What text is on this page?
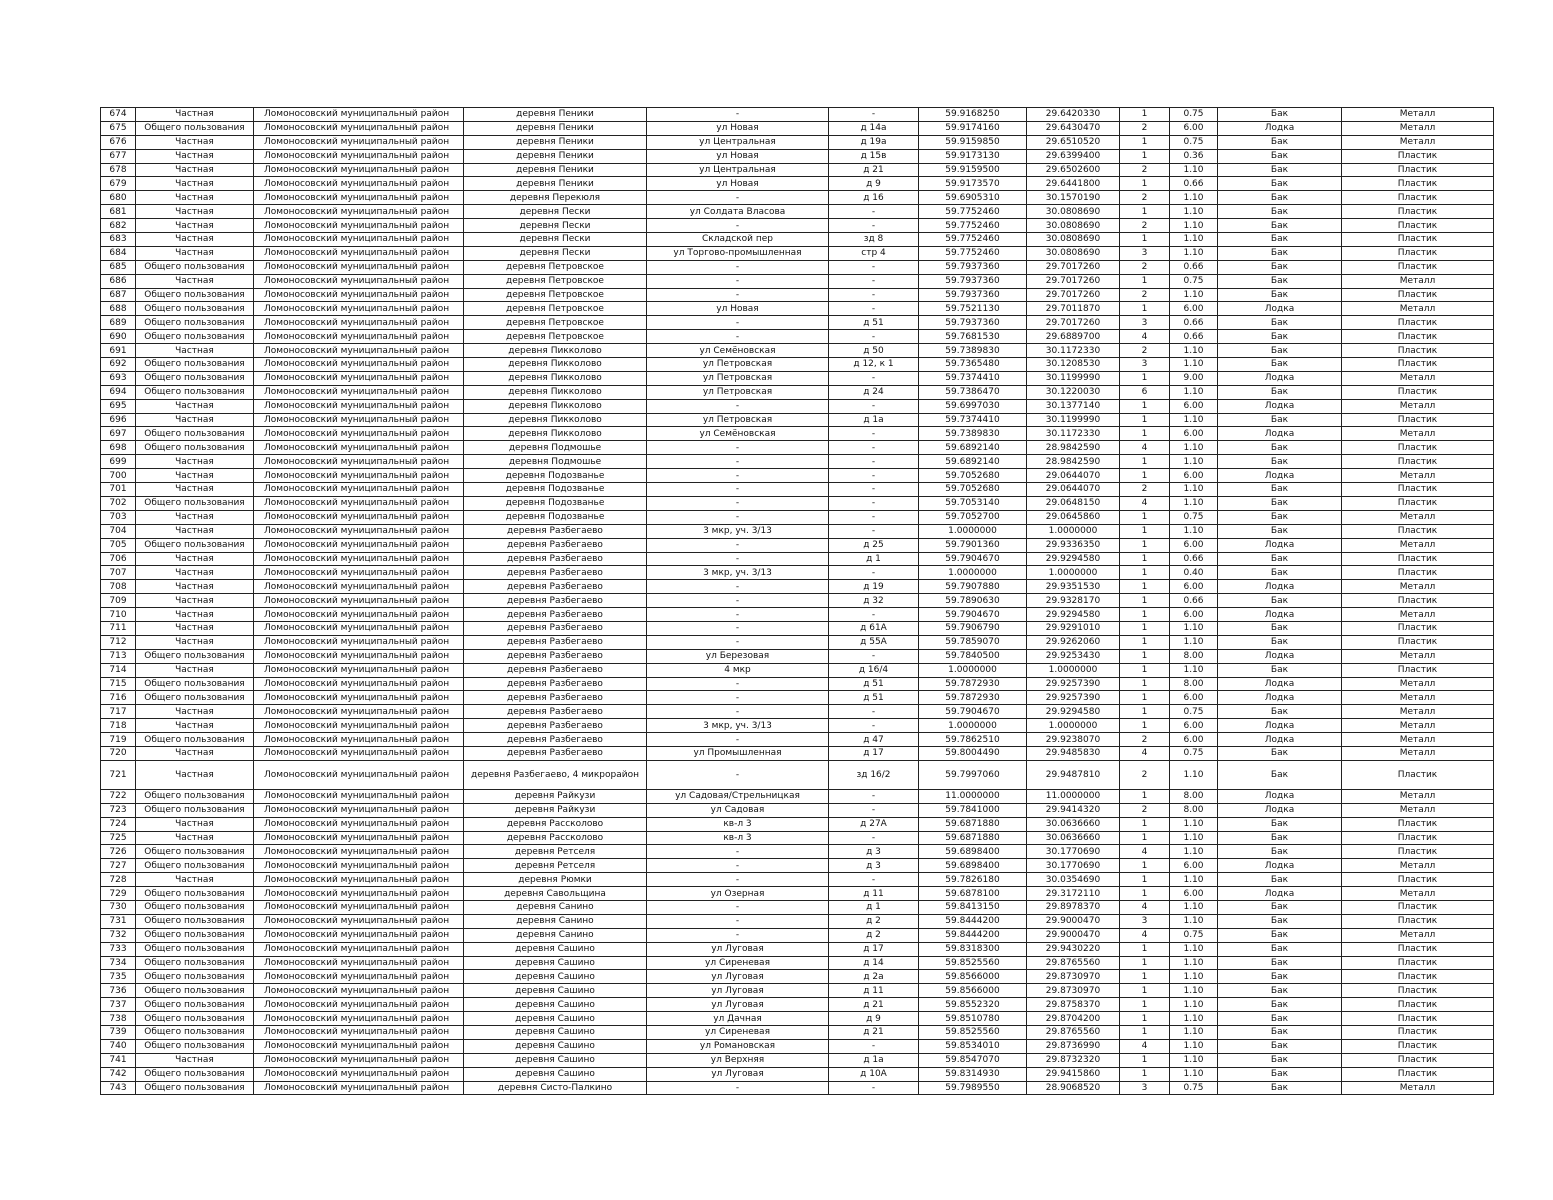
674	Частная	Ломоносовский муниципальный район	деревня Пеники	-	-	59.9168250	29.6420330	1	0.75	Бак	Металл
675	Общего пользования	Ломоносовский муниципальный район	деревня Пеники	ул Новая	д 14а	59.9174160	29.6430470	2	6.00	Лодка	Металл
676	Частная	Ломоносовский муниципальный район	деревня Пеники	ул Центральная	д 19а	59.9159850	29.6510520	1	0.75	Бак	Металл
677	Частная	Ломоносовский муниципальный район	деревня Пеники	ул Новая	д 15в	59.9173130	29.6399400	1	0.36	Бак	Пластик
678	Частная	Ломоносовский муниципальный район	деревня Пеники	ул Центральная	д 21	59.9159500	29.6502600	2	1.10	Бак	Пластик
679	Частная	Ломоносовский муниципальный район	деревня Пеники	ул Новая	д 9	59.9173570	29.6441800	1	0.66	Бак	Пластик
680	Частная	Ломоносовский муниципальный район	деревня Перекюля	-	д 16	59.6905310	30.1570190	2	1.10	Бак	Пластик
681	Частная	Ломоносовский муниципальный район	деревня Пески	ул Солдата Власова	-	59.7752460	30.0808690	1	1.10	Бак	Пластик
682	Частная	Ломоносовский муниципальный район	деревня Пески	-	-	59.7752460	30.0808690	2	1.10	Бак	Пластик
683	Частная	Ломоносовский муниципальный район	деревня Пески	Складской пер	зд 8	59.7752460	30.0808690	1	1.10	Бак	Пластик
684	Частная	Ломоносовский муниципальный район	деревня Пески	ул Торгово-промышленная	стр 4	59.7752460	30.0808690	3	1.10	Бак	Пластик
685	Общего пользования	Ломоносовский муниципальный район	деревня Петровское	-	-	59.7937360	29.7017260	2	0.66	Бак	Пластик
686	Частная	Ломоносовский муниципальный район	деревня Петровское	-	-	59.7937360	29.7017260	1	0.75	Бак	Металл
687	Общего пользования	Ломоносовский муниципальный район	деревня Петровское	-	-	59.7937360	29.7017260	2	1.10	Бак	Пластик
688	Общего пользования	Ломоносовский муниципальный район	деревня Петровское	ул Новая	-	59.7521130	29.7011870	1	6.00	Лодка	Металл
689	Общего пользования	Ломоносовский муниципальный район	деревня Петровское	-	д 51	59.7937360	29.7017260	3	0.66	Бак	Пластик
690	Общего пользования	Ломоносовский муниципальный район	деревня Петровское	-	-	59.7681530	29.6889700	4	0.66	Бак	Пластик
691	Частная	Ломоносовский муниципальный район	деревня Пикколово	ул Семёновская	д 50	59.7389830	30.1172330	2	1.10	Бак	Пластик
692	Общего пользования	Ломоносовский муниципальный район	деревня Пикколово	ул Петровская	д 12, к 1	59.7365480	30.1208530	3	1.10	Бак	Пластик
693	Общего пользования	Ломоносовский муниципальный район	деревня Пикколово	ул Петровская	-	59.7374410	30.1199990	1	9.00	Лодка	Металл
694	Общего пользования	Ломоносовский муниципальный район	деревня Пикколово	ул Петровская	д 24	59.7386470	30.1220030	6	1.10	Бак	Пластик
695	Частная	Ломоносовский муниципальный район	деревня Пикколово	-	-	59.6997030	30.1377140	1	6.00	Лодка	Металл
696	Частная	Ломоносовский муниципальный район	деревня Пикколово	ул Петровская	д 1а	59.7374410	30.1199990	1	1.10	Бак	Пластик
697	Общего пользования	Ломоносовский муниципальный район	деревня Пикколово	ул Семёновская	-	59.7389830	30.1172330	1	6.00	Лодка	Металл
698	Общего пользования	Ломоносовский муниципальный район	деревня Подмошье	-	-	59.6892140	28.9842590	4	1.10	Бак	Пластик
699	Частная	Ломоносовский муниципальный район	деревня Подмошье	-	-	59.6892140	28.9842590	1	1.10	Бак	Пластик
700	Частная	Ломоносовский муниципальный район	деревня Подозванье	-	-	59.7052680	29.0644070	1	6.00	Лодка	Металл
701	Частная	Ломоносовский муниципальный район	деревня Подозванье	-	-	59.7052680	29.0644070	2	1.10	Бак	Пластик
702	Общего пользования	Ломоносовский муниципальный район	деревня Подозванье	-	-	59.7053140	29.0648150	4	1.10	Бак	Пластик
703	Частная	Ломоносовский муниципальный район	деревня Подозванье	-	-	59.7052700	29.0645860	1	0.75	Бак	Металл
704	Частная	Ломоносовский муниципальный район	деревня Разбегаево	3 мкр, уч. 3/13	-	1.0000000	1.0000000	1	1.10	Бак	Пластик
705	Общего пользования	Ломоносовский муниципальный район	деревня Разбегаево	-	д 25	59.7901360	29.9336350	1	6.00	Лодка	Металл
706	Частная	Ломоносовский муниципальный район	деревня Разбегаево	-	д 1	59.7904670	29.9294580	1	0.66	Бак	Пластик
707	Частная	Ломоносовский муниципальный район	деревня Разбегаево	3 мкр, уч. 3/13	-	1.0000000	1.0000000	1	0.40	Бак	Пластик
708	Частная	Ломоносовский муниципальный район	деревня Разбегаево	-	д 19	59.7907880	29.9351530	1	6.00	Лодка	Металл
709	Частная	Ломоносовский муниципальный район	деревня Разбегаево	-	д 32	59.7890630	29.9328170	1	0.66	Бак	Пластик
710	Частная	Ломоносовский муниципальный район	деревня Разбегаево	-	-	59.7904670	29.9294580	1	6.00	Лодка	Металл
711	Частная	Ломоносовский муниципальный район	деревня Разбегаево	-	д 61А	59.7906790	29.9291010	1	1.10	Бак	Пластик
712	Частная	Ломоносовский муниципальный район	деревня Разбегаево	-	д 55А	59.7859070	29.9262060	1	1.10	Бак	Пластик
713	Общего пользования	Ломоносовский муниципальный район	деревня Разбегаево	ул Березовая	-	59.7840500	29.9253430	1	8.00	Лодка	Металл
714	Частная	Ломоносовский муниципальный район	деревня Разбегаево	4 мкр	д 16/4	1.0000000	1.0000000	1	1.10	Бак	Пластик
715	Общего пользования	Ломоносовский муниципальный район	деревня Разбегаево	-	д 51	59.7872930	29.9257390	1	8.00	Лодка	Металл
716	Общего пользования	Ломоносовский муниципальный район	деревня Разбегаево	-	д 51	59.7872930	29.9257390	1	6.00	Лодка	Металл
717	Частная	Ломоносовский муниципальный район	деревня Разбегаево	-	-	59.7904670	29.9294580	1	0.75	Бак	Металл
718	Частная	Ломоносовский муниципальный район	деревня Разбегаево	3 мкр, уч. 3/13	-	1.0000000	1.0000000	1	6.00	Лодка	Металл
719	Общего пользования	Ломоносовский муниципальный район	деревня Разбегаево	-	д 47	59.7862510	29.9238070	2	6.00	Лодка	Металл
720	Частная	Ломоносовский муниципальный район	деревня Разбегаево	ул Промышленная	д 17	59.8004490	29.9485830	4	0.75	Бак	Металл
721	Частная	Ломоносовский муниципальный район	деревня Разбегаево, 4 микрорайон	-	зд 16/2	59.7997060	29.9487810	2	1.10	Бак	Пластик
722	Общего пользования	Ломоносовский муниципальный район	деревня Райкузи	ул Садовая/Стрельницкая	-	11.0000000	11.0000000	1	8.00	Лодка	Металл
723	Общего пользования	Ломоносовский муниципальный район	деревня Райкузи	ул Садовая	-	59.7841000	29.9414320	2	8.00	Лодка	Металл
724	Частная	Ломоносовский муниципальный район	деревня Рассколово	кв-л 3	д 27А	59.6871880	30.0636660	1	1.10	Бак	Пластик
725	Частная	Ломоносовский муниципальный район	деревня Рассколово	кв-л 3	-	59.6871880	30.0636660	1	1.10	Бак	Пластик
726	Общего пользования	Ломоносовский муниципальный район	деревня Ретселя	-	д 3	59.6898400	30.1770690	4	1.10	Бак	Пластик
727	Общего пользования	Ломоносовский муниципальный район	деревня Ретселя	-	д 3	59.6898400	30.1770690	1	6.00	Лодка	Металл
728	Частная	Ломоносовский муниципальный район	деревня Рюмки	-	-	59.7826180	30.0354690	1	1.10	Бак	Пластик
729	Общего пользования	Ломоносовский муниципальный район	деревня Савольщина	ул Озерная	д 11	59.6878100	29.3172110	1	6.00	Лодка	Металл
730	Общего пользования	Ломоносовский муниципальный район	деревня Санино	-	д 1	59.8413150	29.8978370	4	1.10	Бак	Пластик
731	Общего пользования	Ломоносовский муниципальный район	деревня Санино	-	д 2	59.8444200	29.9000470	3	1.10	Бак	Пластик
732	Общего пользования	Ломоносовский муниципальный район	деревня Санино	-	д 2	59.8444200	29.9000470	4	0.75	Бак	Металл
733	Общего пользования	Ломоносовский муниципальный район	деревня Сашино	ул Луговая	д 17	59.8318300	29.9430220	1	1.10	Бак	Пластик
734	Общего пользования	Ломоносовский муниципальный район	деревня Сашино	ул Сиреневая	д 14	59.8525560	29.8765560	1	1.10	Бак	Пластик
735	Общего пользования	Ломоносовский муниципальный район	деревня Сашино	ул Луговая	д 2а	59.8566000	29.8730970	1	1.10	Бак	Пластик
736	Общего пользования	Ломоносовский муниципальный район	деревня Сашино	ул Луговая	д 11	59.8566000	29.8730970	1	1.10	Бак	Пластик
737	Общего пользования	Ломоносовский муниципальный район	деревня Сашино	ул Луговая	д 21	59.8552320	29.8758370	1	1.10	Бак	Пластик
738	Общего пользования	Ломоносовский муниципальный район	деревня Сашино	ул Дачная	д 9	59.8510780	29.8704200	1	1.10	Бак	Пластик
739	Общего пользования	Ломоносовский муниципальный район	деревня Сашино	ул Сиреневая	д 21	59.8525560	29.8765560	1	1.10	Бак	Пластик
740	Общего пользования	Ломоносовский муниципальный район	деревня Сашино	ул Романовская	-	59.8534010	29.8736990	4	1.10	Бак	Пластик
741	Частная	Ломоносовский муниципальный район	деревня Сашино	ул Верхняя	д 1а	59.8547070	29.8732320	1	1.10	Бак	Пластик
742	Общего пользования	Ломоносовский муниципальный район	деревня Сашино	ул Луговая	д 10А	59.8314930	29.9415860	1	1.10	Бак	Пластик
743	Общего пользования	Ломоносовский муниципальный район	деревня Систо-Палкино	-	-	59.7989550	28.9068520	3	0.75	Бак	Металл
